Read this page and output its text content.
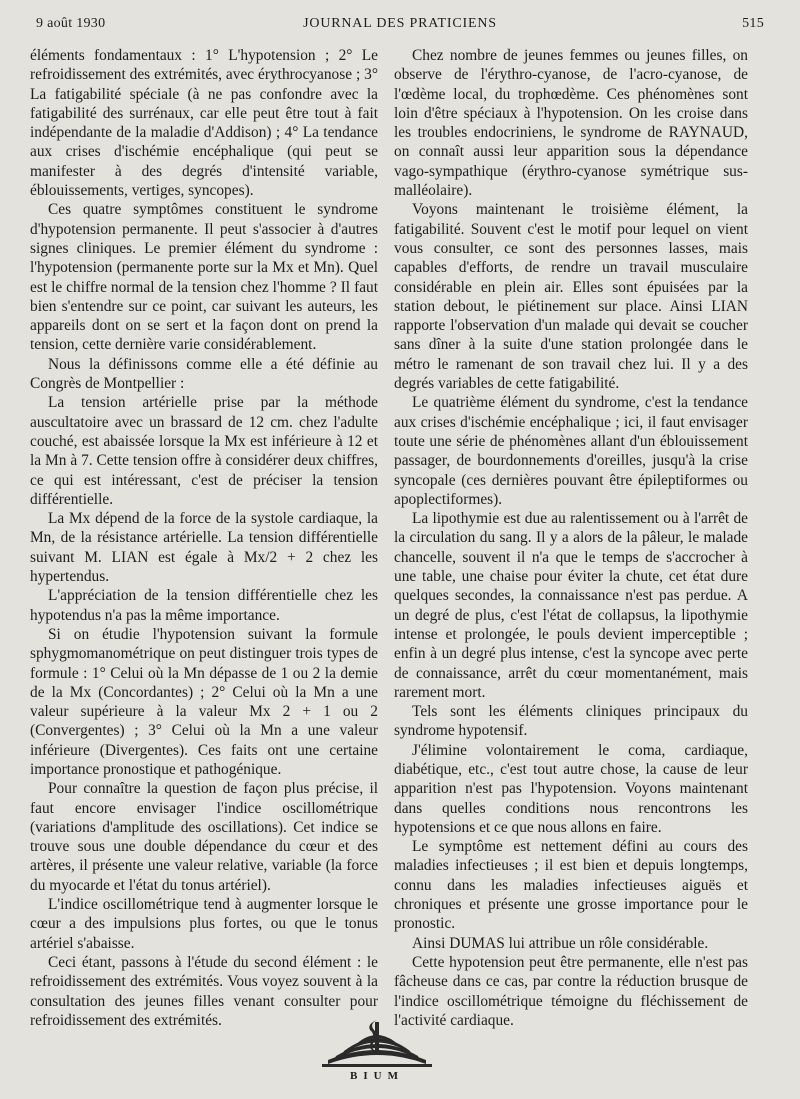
9 août 1930	JOURNAL DES PRATICIENS	515

éléments fondamentaux : 1° L'hypotension ; 2° Le refroidissement des extrémités, avec érythrocyanose ; 3° La fatigabilité spéciale (à ne pas confondre avec la fatigabilité des surrénaux, car elle peut être tout à fait indépendante de la maladie d'Addison) ; 4° La tendance aux crises d'ischémie encéphalique (qui peut se manifester à des degrés d'intensité variable, éblouissements, vertiges, syncopes).

Ces quatre symptômes constituent le syndrome d'hypotension permanente. Il peut s'associer à d'autres signes cliniques. Le premier élément du syndrome : l'hypotension (permanente porte sur la Mx et Mn). Quel est le chiffre normal de la tension chez l'homme ? Il faut bien s'entendre sur ce point, car suivant les auteurs, les appareils dont on se sert et la façon dont on prend la tension, cette dernière varie considérablement.

Nous la définissons comme elle a été définie au Congrès de Montpellier :

La tension artérielle prise par la méthode auscultatoire avec un brassard de 12 cm. chez l'adulte couché, est abaissée lorsque la Mx est inférieure à 12 et la Mn à 7. Cette tension offre à considérer deux chiffres, ce qui est intéressant, c'est de préciser la tension différentielle.

La Mx dépend de la force de la systole cardiaque, la Mn, de la résistance artérielle. La tension différentielle suivant M. LIAN est égale à Mx/2 + 2 chez les hypertendus.

L'appréciation de la tension différentielle chez les hypotendus n'a pas la même importance.

Si on étudie l'hypotension suivant la formule sphygmomanométrique on peut distinguer trois types de formule : 1° Celui où la Mn dépasse de 1 ou 2 la demie de la Mx (Concordantes) ; 2° Celui où la Mn a une valeur supérieure à la valeur Mx 2 + 1 ou 2 (Convergentes) ; 3° Celui où la Mn a une valeur inférieure (Divergentes). Ces faits ont une certaine importance pronostique et pathogénique.

Pour connaître la question de façon plus précise, il faut encore envisager l'indice oscillométrique (variations d'amplitude des oscillations). Cet indice se trouve sous une double dépendance du cœur et des artères, il présente une valeur relative, variable (la force du myocarde et l'état du tonus artériel).

L'indice oscillométrique tend à augmenter lorsque le cœur a des impulsions plus fortes, ou que le tonus artériel s'abaisse.

Ceci étant, passons à l'étude du second élément : le refroidissement des extrémités. Vous voyez souvent à la consultation des jeunes filles venant consulter pour refroidissement des extrémités.

Chez nombre de jeunes femmes ou jeunes filles, on observe de l'érythro-cyanose, de l'acro-cyanose, de l'œdème local, du trophœdème. Ces phénomènes sont loin d'être spéciaux à l'hypotension. On les croise dans les troubles endocriniens, le syndrome de RAYNAUD, on connaît aussi leur apparition sous la dépendance vago-sympathique (érythro-cyanose symétrique sus-malléolaire).

Voyons maintenant le troisième élément, la fatigabilité. Souvent c'est le motif pour lequel on vient vous consulter, ce sont des personnes lasses, mais capables d'efforts, de rendre un travail musculaire considérable en plein air. Elles sont épuisées par la station debout, le piétinement sur place. Ainsi LIAN rapporte l'observation d'un malade qui devait se coucher sans dîner à la suite d'une station prolongée dans le métro le ramenant de son travail chez lui. Il y a des degrés variables de cette fatigabilité.

Le quatrième élément du syndrome, c'est la tendance aux crises d'ischémie encéphalique ; ici, il faut envisager toute une série de phénomènes allant d'un éblouissement passager, de bourdonnements d'oreilles, jusqu'à la crise syncopale (ces dernières pouvant être épileptiformes ou apoplectiformes).

La lipothymie est due au ralentissement ou à l'arrêt de la circulation du sang. Il y a alors de la pâleur, le malade chancelle, souvent il n'a que le temps de s'accrocher à une table, une chaise pour éviter la chute, cet état dure quelques secondes, la connaissance n'est pas perdue. A un degré de plus, c'est l'état de collapsus, la lipothymie intense et prolongée, le pouls devient imperceptible ; enfin à un degré plus intense, c'est la syncope avec perte de connaissance, arrêt du cœur momentanément, mais rarement mort.

Tels sont les éléments cliniques principaux du syndrome hypotensif.

J'élimine volontairement le coma, cardiaque, diabétique, etc., c'est tout autre chose, la cause de leur apparition n'est pas l'hypotension. Voyons maintenant dans quelles conditions nous rencontrons les hypotensions et ce que nous allons en faire.

Le symptôme est nettement défini au cours des maladies infectieuses ; il est bien et depuis longtemps, connu dans les maladies infectieuses aiguës et chroniques et présente une grosse importance pour le pronostic.

Ainsi DUMAS lui attribue un rôle considérable.

Cette hypotension peut être permanente, elle n'est pas fâcheuse dans ce cas, par contre la réduction brusque de l'indice oscillométrique témoigne du fléchissement de l'activité cardiaque.

BIUM
